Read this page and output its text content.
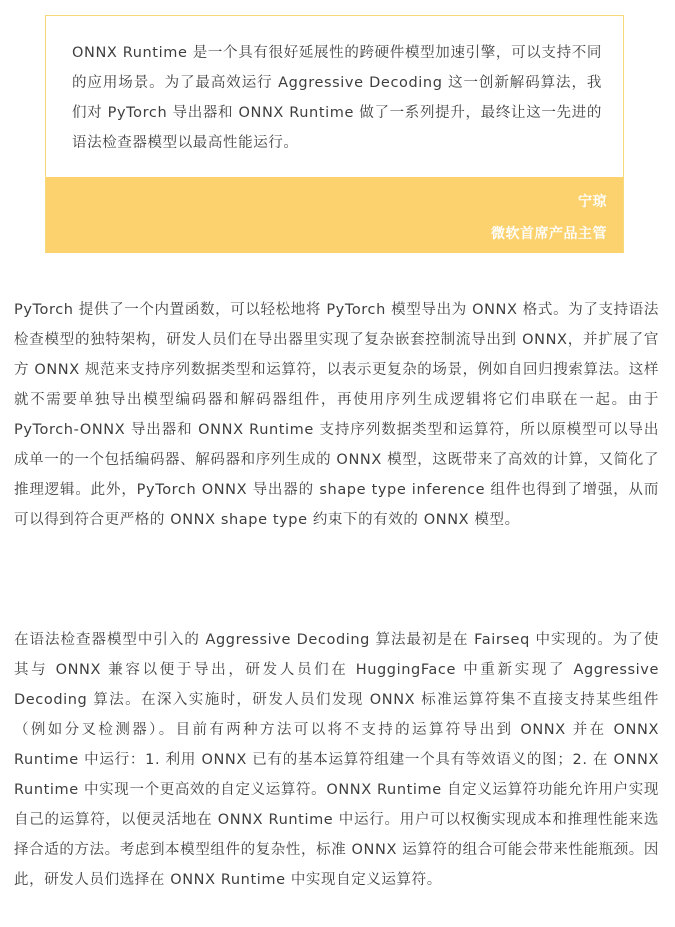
ONNX Runtime 是一个具有很好延展性的跨硬件模型加速引擎，可以支持不同的应用场景。为了最高效运行 Aggressive Decoding 这一创新解码算法，我们对 PyTorch 导出器和 ONNX Runtime 做了一系列提升，最终让这一先进的语法检查器模型以最高性能运行。

宁琼
微软首席产品主管

PyTorch 提供了一个内置函数，可以轻松地将 PyTorch 模型导出为 ONNX 格式。为了支持语法检查模型的独特架构，研发人员们在导出器里实现了复杂嵌套控制流导出到 ONNX，并扩展了官方 ONNX 规范来支持序列数据类型和运算符，以表示更复杂的场景，例如自回归搜索算法。这样就不需要单独导出模型编码器和解码器组件，再使用序列生成逻辑将它们串联在一起。由于 PyTorch-ONNX 导出器和 ONNX Runtime 支持序列数据类型和运算符，所以原模型可以导出成单一的一个包括编码器、解码器和序列生成的 ONNX 模型，这既带来了高效的计算，又简化了推理逻辑。此外，PyTorch ONNX 导出器的 shape type inference 组件也得到了增强，从而可以得到符合更严格的 ONNX shape type 约束下的有效的 ONNX 模型。

在语法检查器模型中引入的 Aggressive Decoding 算法最初是在 Fairseq 中实现的。为了使其与 ONNX 兼容以便于导出，研发人员们在 HuggingFace 中重新实现了 Aggressive Decoding 算法。在深入实施时，研发人员们发现 ONNX 标准运算符集不直接支持某些组件（例如分叉检测器）。目前有两种方法可以将不支持的运算符导出到 ONNX 并在 ONNX Runtime 中运行：1. 利用 ONNX 已有的基本运算符组建一个具有等效语义的图；2. 在 ONNX Runtime 中实现一个更高效的自定义运算符。ONNX Runtime 自定义运算符功能允许用户实现自己的运算符，以便灵活地在 ONNX Runtime 中运行。用户可以权衡实现成本和推理性能来选择合适的方法。考虑到本模型组件的复杂性，标准 ONNX 运算符的组合可能会带来性能瓶颈。因此，研发人员们选择在 ONNX Runtime 中实现自定义运算符。
